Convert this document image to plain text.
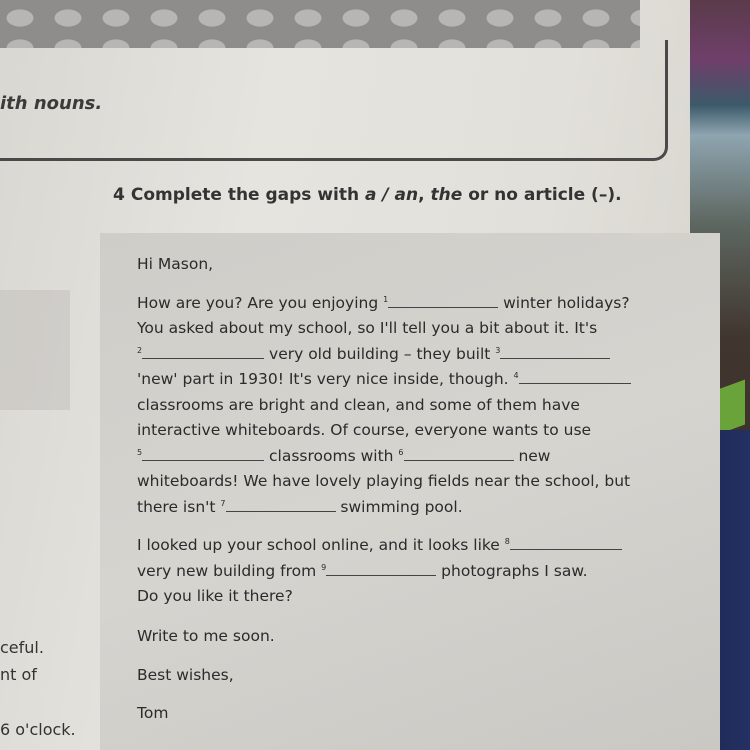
ith nouns.
4 Complete the gaps with a / an, the or no article (–).

Hi Mason,

How are you? Are you enjoying $^1$	winter holidays?

You asked about my school, so I'll tell you a bit about it. It's

$^2$	very old building – they built $^3$

'new' part in 1930! It's very nice inside, though. $^4$

classrooms are bright and clean, and some of them have

interactive whiteboards. Of course, everyone wants to use

$^5$	classrooms with $^6$	new

whiteboards! We have lovely playing fields near the school, but

there isn't $^7$	swimming pool.

I looked up your school online, and it looks like $^8$

very new building from $^9$	photographs I saw.

Do you like it there?

Write to me soon.

Best wishes,

Tom

ceful.
nt of
6 o'clock.
